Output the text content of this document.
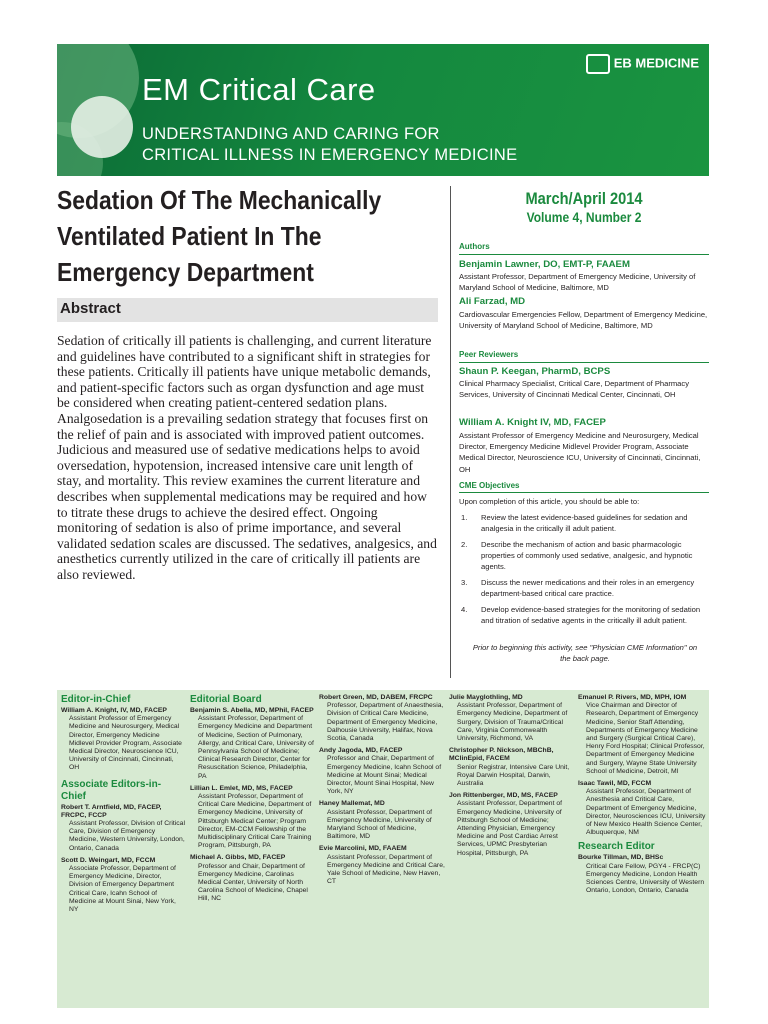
EM Critical Care
UNDERSTANDING AND CARING FOR
CRITICAL ILLNESS IN EMERGENCY MEDICINE
EB MEDICINE
Sedation Of The Mechanically Ventilated Patient In The Emergency Department
Abstract
Sedation of critically ill patients is challenging, and current literature and guidelines have contributed to a significant shift in strategies for these patients. Critically ill patients have unique metabolic demands, and patient-specific factors such as organ dysfunction and age must be considered when creating patient-centered sedation plans. Analgosedation is a prevailing sedation strategy that focuses first on the relief of pain and is associated with improved patient outcomes. Judicious and measured use of sedative medications helps to avoid oversedation, hypotension, increased intensive care unit length of stay, and mortality. This review examines the current literature and describes when supplemental medications may be required and how to titrate these drugs to achieve the desired effect. Ongoing monitoring of sedation is also of prime importance, and several validated sedation scales are discussed. The sedatives, analgesics, and anesthetics currently utilized in the care of critically ill patients are also reviewed.
March/April 2014
Volume 4, Number 2
Authors
Benjamin Lawner, DO, EMT-P, FAAEM
Assistant Professor, Department of Emergency Medicine, University of Maryland School of Medicine, Baltimore, MD
Ali Farzad, MD
Cardiovascular Emergencies Fellow, Department of Emergency Medicine, University of Maryland School of Medicine, Baltimore, MD
Peer Reviewers
Shaun P. Keegan, PharmD, BCPS
Clinical Pharmacy Specialist, Critical Care, Department of Pharmacy Services, University of Cincinnati Medical Center, Cincinnati, OH
William A. Knight IV, MD, FACEP
Assistant Professor of Emergency Medicine and Neurosurgery, Medical Director, Emergency Medicine Midlevel Provider Program, Associate Medical Director, Neuroscience ICU, University of Cincinnati, Cincinnati, OH
CME Objectives
Upon completion of this article, you should be able to:
1. Review the latest evidence-based guidelines for sedation and analgesia in the critically ill adult patient.
2. Describe the mechanism of action and basic pharmacologic properties of commonly used sedative, analgesic, and hypnotic agents.
3. Discuss the newer medications and their roles in an emergency department-based critical care practice.
4. Develop evidence-based strategies for the monitoring of sedation and titration of sedative agents in the critically ill adult patient.
Prior to beginning this activity, see "Physician CME Information" on the back page.
Editor-in-Chief
William A. Knight, IV, MD, FACEP
Assistant Professor of Emergency Medicine and Neurosurgery, Medical Director, Emergency Medicine Midlevel Provider Program, Associate Medical Director, Neuroscience ICU, University of Cincinnati, Cincinnati, OH
Associate Editors-in-Chief
Robert T. Arntfield, MD, FACEP, FRCPC, FCCP
Assistant Professor, Division of Critical Care, Division of Emergency Medicine, Western University, London, Ontario, Canada
Scott D. Weingart, MD, FCCM
Associate Professor, Department of Emergency Medicine, Director, Division of Emergency Department Critical Care, Icahn School of Medicine at Mount Sinai, New York, NY
Editorial Board
Benjamin S. Abella, MD, MPhil, FACEP
Assistant Professor, Department of Emergency Medicine and Department of Medicine, Section of Pulmonary, Allergy, and Critical Care, University of Pennsylvania School of Medicine; Clinical Research Director, Center for Resuscitation Science, Philadelphia, PA
Lillian L. Emlet, MD, MS, FACEP
Assistant Professor, Department of Critical Care Medicine, Department of Emergency Medicine, University of Pittsburgh Medical Center; Program Director, EM-CCM Fellowship of the Multidisciplinary Critical Care Training Program, Pittsburgh, PA
Michael A. Gibbs, MD, FACEP
Professor and Chair, Department of Emergency Medicine, Carolinas Medical Center, University of North Carolina School of Medicine, Chapel Hill, NC
Robert Green, MD, DABEM, FRCPC
Professor, Department of Anaesthesia, Division of Critical Care Medicine, Department of Emergency Medicine, Dalhousie University, Halifax, Nova Scotia, Canada
Andy Jagoda, MD, FACEP
Professor and Chair, Department of Emergency Medicine, Icahn School of Medicine at Mount Sinai; Medical Director, Mount Sinai Hospital, New York, NY
Haney Mallemat, MD
Assistant Professor, Department of Emergency Medicine, University of Maryland School of Medicine, Baltimore, MD
Evie Marcolini, MD, FAAEM
Assistant Professor, Department of Emergency Medicine and Critical Care, Yale School of Medicine, New Haven, CT
Julie Mayglothling, MD
Assistant Professor, Department of Emergency Medicine, Department of Surgery, Division of Trauma/Critical Care, Virginia Commonwealth University, Richmond, VA
Christopher P. Nickson, MBChB, MClinEpid, FACEM
Senior Registrar, Intensive Care Unit, Royal Darwin Hospital, Darwin, Australia
Jon Rittenberger, MD, MS, FACEP
Assistant Professor, Department of Emergency Medicine, University of Pittsburgh School of Medicine; Attending Physician, Emergency Medicine and Post Cardiac Arrest Services, UPMC Presbyterian Hospital, Pittsburgh, PA
Emanuel P. Rivers, MD, MPH, IOM
Vice Chairman and Director of Research, Department of Emergency Medicine, Senior Staff Attending, Departments of Emergency Medicine and Surgery (Surgical Critical Care), Henry Ford Hospital; Clinical Professor, Department of Emergency Medicine and Surgery, Wayne State University School of Medicine, Detroit, MI
Isaac Tawil, MD, FCCM
Assistant Professor, Department of Anesthesia and Critical Care, Department of Emergency Medicine, Director, Neurosciences ICU, University of New Mexico Health Science Center, Albuquerque, NM
Research Editor
Bourke Tillman, MD, BHSc
Critical Care Fellow, PGY4 - FRCP(C) Emergency Medicine, London Health Sciences Centre, University of Western Ontario, London, Ontario, Canada
